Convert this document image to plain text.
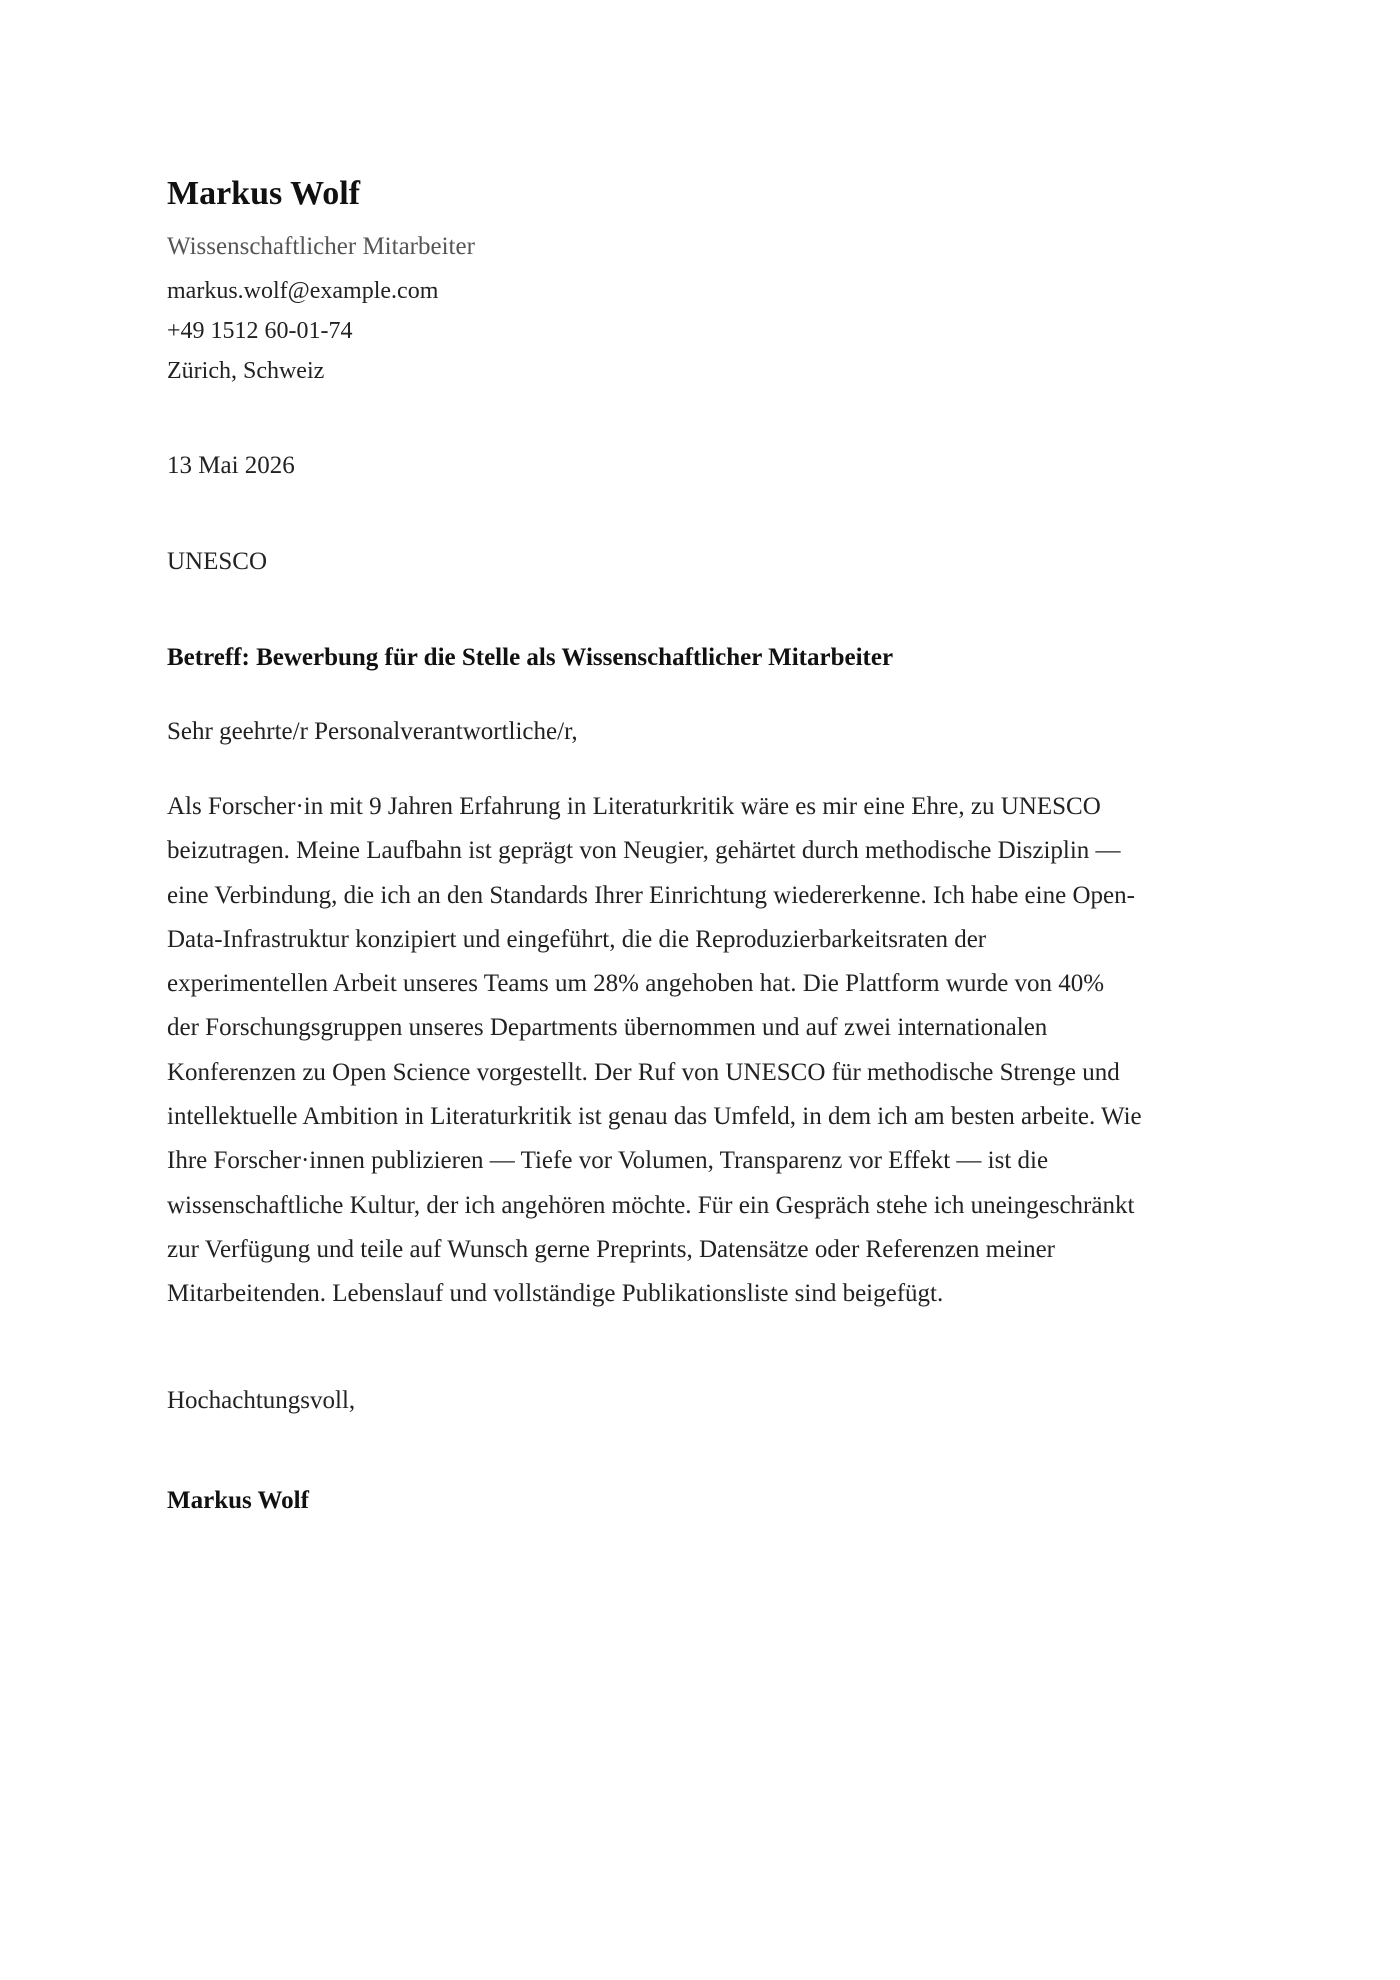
Markus Wolf
Wissenschaftlicher Mitarbeiter
markus.wolf@example.com
+49 1512 60-01-74
Zürich, Schweiz
13 Mai 2026
UNESCO
Betreff: Bewerbung für die Stelle als Wissenschaftlicher Mitarbeiter
Sehr geehrte/r Personalverantwortliche/r,
Als Forscher·in mit 9 Jahren Erfahrung in Literaturkritik wäre es mir eine Ehre, zu UNESCO
beizutragen. Meine Laufbahn ist geprägt von Neugier, gehärtet durch methodische Disziplin —
eine Verbindung, die ich an den Standards Ihrer Einrichtung wiedererkenne. Ich habe eine Open-
Data-Infrastruktur konzipiert und eingeführt, die die Reproduzierbarkeitsraten der
experimentellen Arbeit unseres Teams um 28% angehoben hat. Die Plattform wurde von 40%
der Forschungsgruppen unseres Departments übernommen und auf zwei internationalen
Konferenzen zu Open Science vorgestellt. Der Ruf von UNESCO für methodische Strenge und
intellektuelle Ambition in Literaturkritik ist genau das Umfeld, in dem ich am besten arbeite. Wie
Ihre Forscher·innen publizieren — Tiefe vor Volumen, Transparenz vor Effekt — ist die
wissenschaftliche Kultur, der ich angehören möchte. Für ein Gespräch stehe ich uneingeschränkt
zur Verfügung und teile auf Wunsch gerne Preprints, Datensätze oder Referenzen meiner
Mitarbeitenden. Lebenslauf und vollständige Publikationsliste sind beigefügt.
Hochachtungsvoll,
Markus Wolf
